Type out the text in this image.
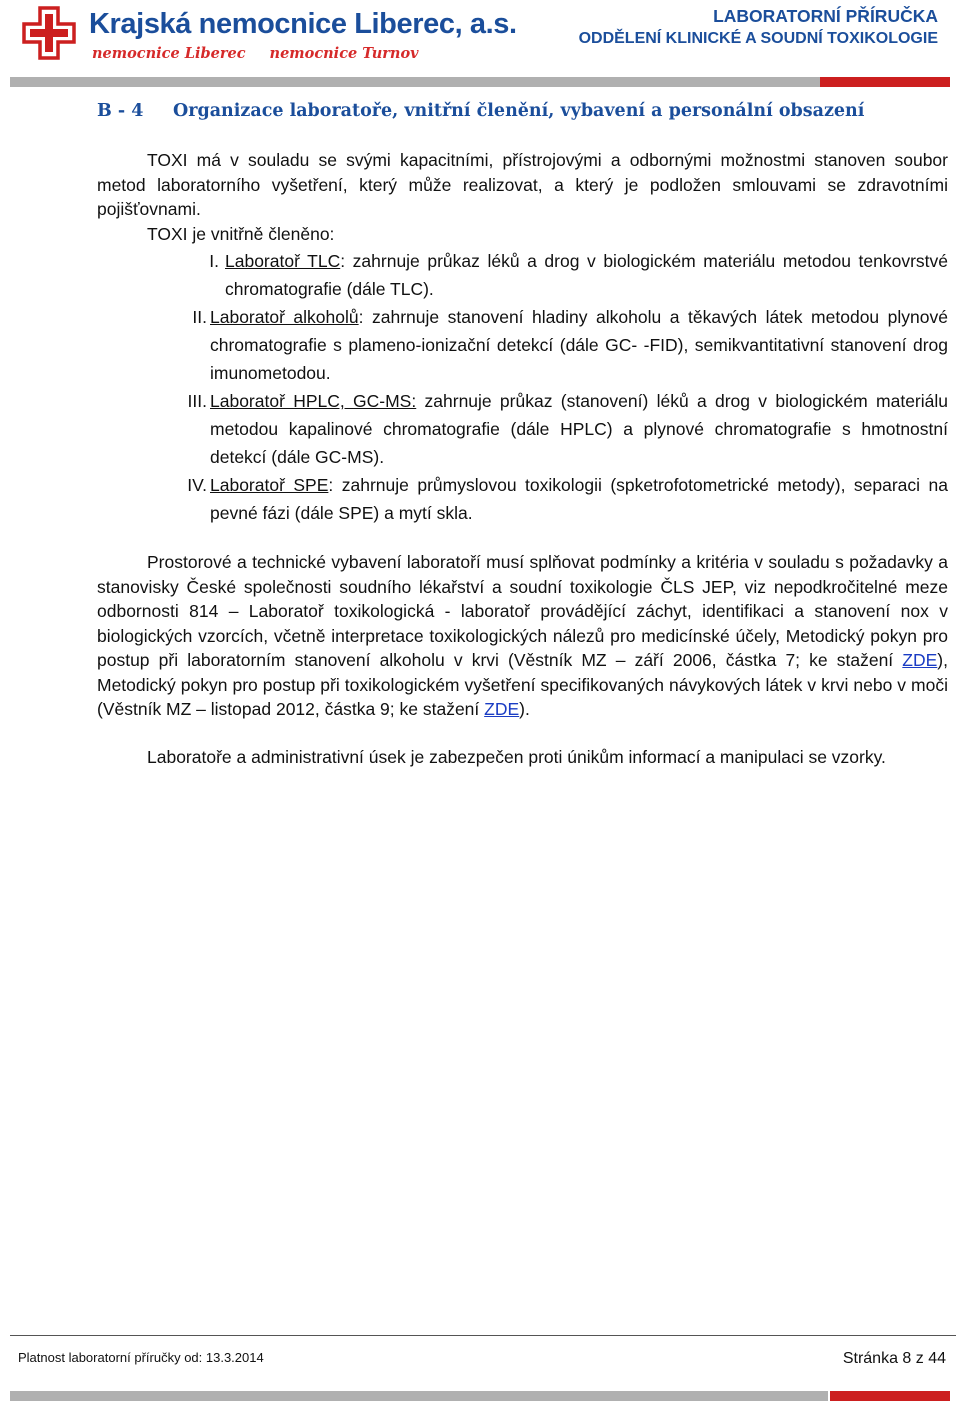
Krajská nemocnice Liberec, a.s.
nemocnice Liberec nemocnice Turnov
LABORATORNÍ PŘÍRUČKA
ODDĚLENÍ KLINICKÉ A SOUDNÍ TOXIKOLOGIE
B - 4 Organizace laboratoře, vnitřní členění, vybavení a personální obsazení
TOXI má v souladu se svými kapacitními, přístrojovými a odbornými možnostmi stanoven soubor metod laboratorního vyšetření, který může realizovat, a který je podložen smlouvami se zdravotními pojišťovnami.
TOXI je vnitřně členěno:
I. Laboratoř TLC: zahrnuje průkaz léků a drog v biologickém materiálu metodou tenkovrstvé chromatografie (dále TLC).
II. Laboratoř alkoholů: zahrnuje stanovení hladiny alkoholu a těkavých látek metodou plynové chromatografie s plameno-ionizační detekcí (dále GC- -FID), semikvantitativní stanovení drog imunometodou.
III. Laboratoř HPLC, GC-MS: zahrnuje průkaz (stanovení) léků a drog v biologickém materiálu metodou kapalinové chromatografie (dále HPLC) a plynové chromatografie s hmotnostní detekcí (dále GC-MS).
IV. Laboratoř SPE: zahrnuje průmyslovou toxikologii (spketrofotometrické metody), separaci na pevné fázi (dále SPE) a mytí skla.
Prostorové a technické vybavení laboratoří musí splňovat podmínky a kritéria v souladu s požadavky a stanovisky České společnosti soudního lékařství a soudní toxikologie ČLS JEP, viz nepodkročitelné meze odbornosti 814 – Laboratoř toxikologická - laboratoř provádějící záchyt, identifikaci a stanovení nox v biologických vzorcích, včetně interpretace toxikologických nálezů pro medicínské účely, Metodický pokyn pro postup při laboratorním stanovení alkoholu v krvi (Věstník MZ – září 2006, částka 7; ke stažení ZDE), Metodický pokyn pro postup při toxikologickém vyšetření specifikovaných návykových látek v krvi nebo v moči (Věstník MZ – listopad 2012, částka 9; ke stažení ZDE).
Laboratoře a administrativní úsek je zabezpečen proti únikům informací a manipulaci se vzorky.
Platnost laboratorní příručky od: 13.3.2014	Stránka 8 z 44
